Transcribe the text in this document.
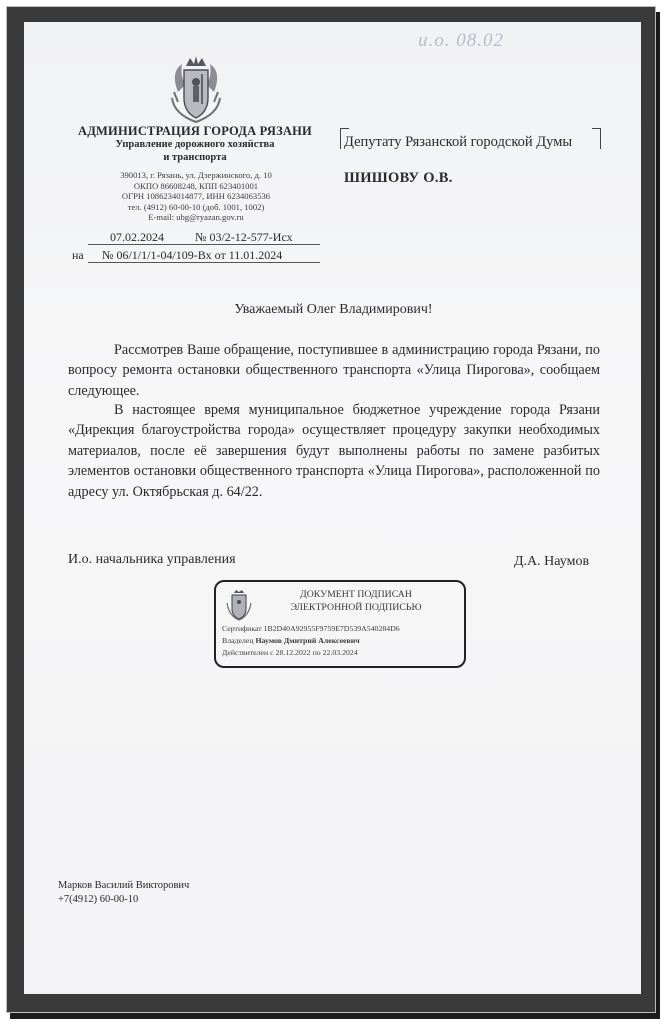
и.о. 08.02
АДМИНИСТРАЦИЯ ГОРОДА РЯЗАНИ
Управление дорожного хозяйства
и транспорта
390013, г. Рязань, ул. Дзержинского, д. 10
ОКПО 86608248, КПП 623401001
ОГРН 1086234014877, ИНН 6234063536
тел. (4912) 60-00-10 (доб. 1001, 1002)
E-mail: ubg@ryazan.gov.ru
07.02.2024	№ 03/2-12-577-Исх
на № 06/1/1/1-04/109-Вх от 11.01.2024
Депутату Рязанской городской Думы
ШИШОВУ О.В.
Уважаемый Олег Владимирович!
Рассмотрев Ваше обращение, поступившее в администрацию города Рязани, по вопросу ремонта остановки общественного транспорта «Улица Пирогова», сообщаем следующее.
В настоящее время муниципальное бюджетное учреждение города Рязани «Дирекция благоустройства города» осуществляет процедуру закупки необходимых материалов, после её завершения будут выполнены работы по замене разбитых элементов остановки общественного транспорта «Улица Пирогова», расположенной по адресу ул. Октябрьская д. 64/22.
И.о. начальника управления	Д.А. Наумов
ДОКУМЕНТ ПОДПИСАН
ЭЛЕКТРОННОЙ ПОДПИСЬЮ
Сертификат 1B2D40A92955F9759E7D539A540284D6
Владелец Наумов Дмитрий Алексеевич
Действителен с 28.12.2022 по 22.03.2024
Марков Василий Викторович
+7(4912) 60-00-10
